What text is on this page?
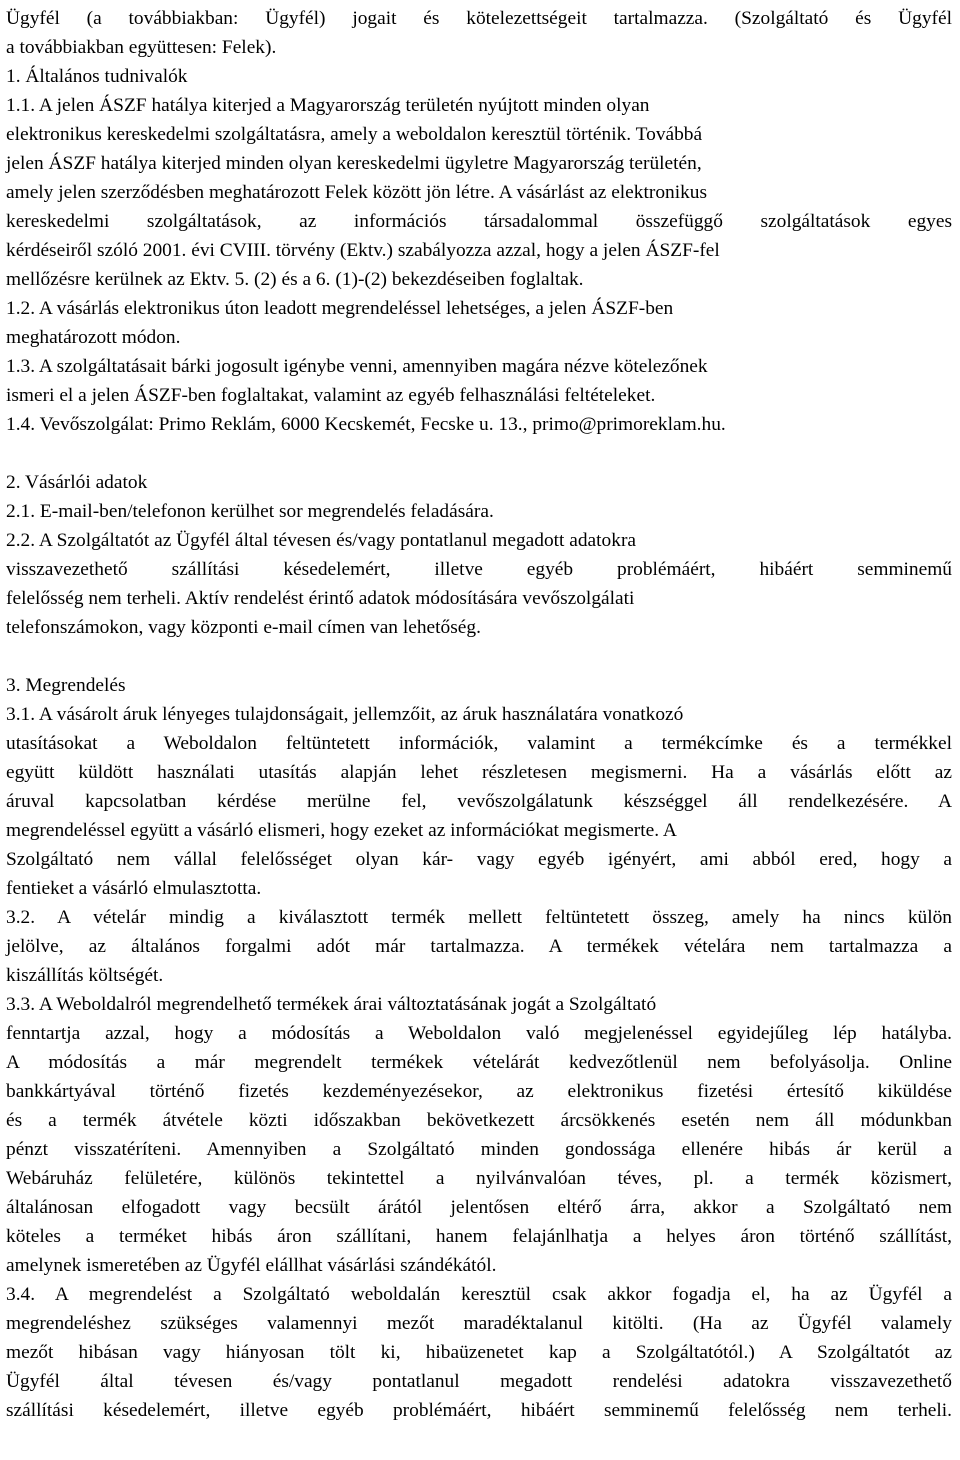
Ügyfél (a továbbiakban: Ügyfél) jogait és kötelezettségeit tartalmazza. (Szolgáltató és Ügyfél
a továbbiakban együttesen: Felek).
1. Általános tudnivalók
1.1. A jelen ÁSZF hatálya kiterjed a Magyarország területén nyújtott minden olyan
elektronikus kereskedelmi szolgáltatásra, amely a weboldalon keresztül történik. Továbbá
jelen ÁSZF hatálya kiterjed minden olyan kereskedelmi ügyletre Magyarország területén,
amely jelen szerződésben meghatározott Felek között jön létre. A vásárlást az elektronikus
kereskedelmi szolgáltatások, az információs társadalommal összefüggő szolgáltatások egyes
kérdéseiről szóló 2001. évi CVIII. törvény (Ektv.) szabályozza azzal, hogy a jelen ÁSZF-fel
mellőzésre kerülnek az Ektv. 5. (2) és a 6. (1)-(2) bekezdéseiben foglaltak.
1.2. A vásárlás elektronikus úton leadott megrendeléssel lehetséges, a jelen ÁSZF-ben
meghatározott módon.
1.3. A szolgáltatásait bárki jogosult igénybe venni, amennyiben magára nézve kötelezőnek
ismeri el a jelen ÁSZF-ben foglaltakat, valamint az egyéb felhasználási feltételeket.
1.4. Vevőszolgálat: Primo Reklám, 6000 Kecskemét, Fecske u. 13., primo@primoreklam.hu.
2. Vásárlói adatok
2.1. E-mail-ben/telefonon kerülhet sor megrendelés feladására.
2.2. A Szolgáltatót az Ügyfél által tévesen és/vagy pontatlanul megadott adatokra
visszavezethető szállítási késedelemért, illetve egyéb problémáért, hibáért semminemű
felelősség nem terheli. Aktív rendelést érintő adatok módosítására vevőszolgálati
telefonszámokon, vagy központi e-mail címen van lehetőség.
3. Megrendelés
3.1. A vásárolt áruk lényeges tulajdonságait, jellemzőit, az áruk használatára vonatkozó
utasításokat a Weboldalon feltüntetett információk, valamint a termékcímke és a termékkel
együtt küldött használati utasítás alapján lehet részletesen megismerni. Ha a vásárlás előtt az
áruval kapcsolatban kérdése merülne fel, vevőszolgálatunk készséggel áll rendelkezésére. A
megrendeléssel együtt a vásárló elismeri, hogy ezeket az információkat megismerte. A
Szolgáltató nem vállal felelősséget olyan kár- vagy egyéb igényért, ami abból ered, hogy a
fentieket a vásárló elmulasztotta.
3.2. A vételár mindig a kiválasztott termék mellett feltüntetett összeg, amely ha nincs külön
jelölve, az általános forgalmi adót már tartalmazza. A termékek vételára nem tartalmazza a
kiszállítás költségét.
3.3. A Weboldalról megrendelhető termékek árai változtatásának jogát a Szolgáltató
fenntartja azzal, hogy a módosítás a Weboldalon való megjelenéssel egyidejűleg lép hatályba.
A módosítás a már megrendelt termékek vételárát kedvezőtlenül nem befolyásolja. Online
bankkártyával történő fizetés kezdeményezésekor, az elektronikus fizetési értesítő kiküldése
és a termék átvétele közti időszakban bekövetkezett árcsökkenés esetén nem áll módunkban
pénzt visszatéríteni. Amennyiben a Szolgáltató minden gondossága ellenére hibás ár kerül a
Webáruház felületére, különös tekintettel a nyilvánvalóan téves, pl. a termék közismert,
általánosan elfogadott vagy becsült árától jelentősen eltérő árra, akkor a Szolgáltató nem
köteles a terméket hibás áron szállítani, hanem felajánlhatja a helyes áron történő szállítást,
amelynek ismeretében az Ügyfél elállhat vásárlási szándékától.
3.4. A megrendelést a Szolgáltató weboldalán keresztül csak akkor fogadja el, ha az Ügyfél a
megrendeléshez szükséges valamennyi mezőt maradéktalanul kitölti. (Ha az Ügyfél valamely
mezőt hibásan vagy hiányosan tölt ki, hibaüzenetet kap a Szolgáltatótól.) A Szolgáltatót az
Ügyfél által tévesen és/vagy pontatlanul megadott rendelési adatokra visszavezethető
szállítási késedelemért, illetve egyéb problémáért, hibáért semminemű felelősség nem terheli.
